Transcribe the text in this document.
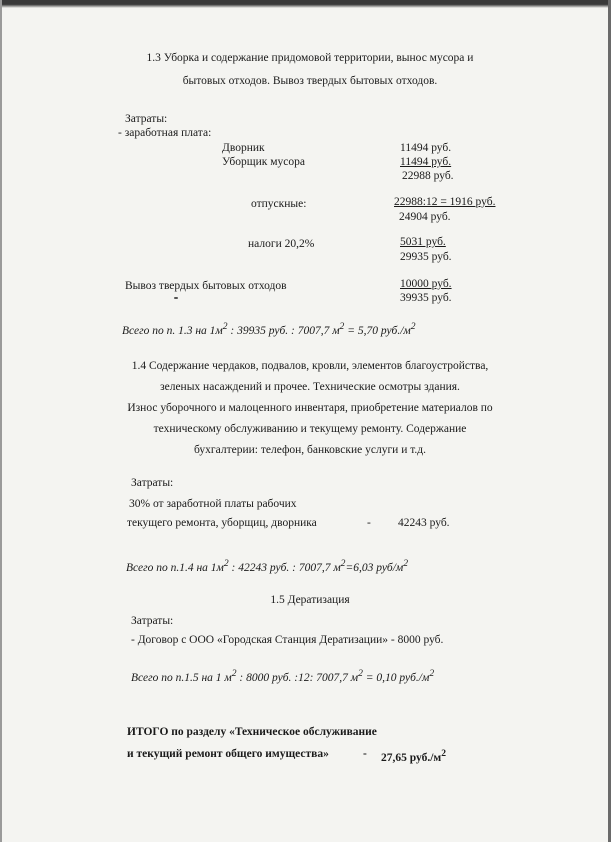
1.3 Уборка и содержание придомовой территории, вынос мусора и
бытовых отходов. Вывоз твердых бытовых отходов.
Затраты:
- заработная плата:
Дворник	11494 руб.
Уборщик мусора	11494 руб.
22988 руб.
отпускные:	22988:12 = 1916 руб.
24904 руб.
налоги 20,2%	5031 руб.
29935 руб.
Вывоз твердых бытовых отходов	10000 руб.
39935 руб.
Всего по п. 1.3 на $1м^2$ : 39935 руб. : 7007,7 $м^2 = 5,70$ $руб./м^2$
1.4 Содержание чердаков, подвалов, кровли, элементов благоустройства,
зеленых насаждений и прочее. Технические осмотры здания.
Износ уборочного и малоценного инвентаря, приобретение материалов по
техническому обслуживанию и текущему ремонту. Содержание
бухгалтерии: телефон, банковские услуги и т.д.
Затраты:
30% от заработной платы рабочих
текущего ремонта, уборщиц, дворника	- 42243 руб.
Всего по п.1.4 на $1м^2$ : 42243 руб. : 7007,7 $м^2=6,03$ руб/$м^2$
1.5 Дератизация
Затраты:
- Договор с ООО «Городская Станция Дератизации» - 8000 руб.
Всего по п.1.5 на 1 $м^2$ : 8000 руб. :12: 7007,7 $м^2 = 0,10$ $руб./м^2$
ИТОГО по разделу «Техническое обслуживание
и текущий ремонт общего имущества»	- 27,65 $руб./м^2$
